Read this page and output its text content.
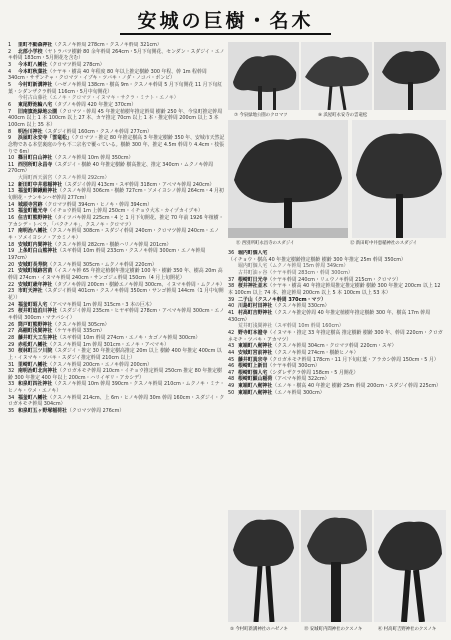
安城の巨樹・名木
1 里町不動森神社（クスノキ幹周 278cm・クスノキ幹周 321cm）
2 北部小学校（ヤトラバツ樹齢 80 余年幹周 264cm・5月下旬開花、センダン・スダジイ・エノキ幹周 183cm・5月開花を含む）
3 今本町八幡社（クロマツ幹周 278cm）
4 今本町秋葉社（ケヤキ・樹高 40 年程度 80 年以上推定樹齢 300 年程、幹 1m 程幹周 340cm・サザンチャ・クロマツ・イブキ・ツバキ・ノダ・ノコバ・ボンビ）
5 今村町新溝神社（ハゼノキ幹周 138cm・樹高 9m・クスノキ幹周 5 月下旬開花 11 月下旬紅葉・シダンザクラ幹周 116cm・5月中旬開花）
今村古山藤社（エノキ・クロマツ・イヌマキ・サクラ・ミナト・エノキ）
6 東尾野池輪八宅（タブノキ幹周 420 年推定 370cm）
7 旧南旗池緑地公園（クロマツ・幹周 45 年推定植樹年推定幹周 樹齢 250 年、今泉町推定幹周 400cm 以上 1 本 100cm 以上 27 本、カヤ推定 70cm 以上 1 本・推定幹周 200cm 以上 3 本 100cm 以上 35 本）
8 明治川神社（スダジイ幹周 160cm・クスノキ幹周 277cm）
9 浜屋町永安寺「雲竜松」（クロマツ・推定 80 年推定樹高 3 年推定樹齢 350 年、安城市天然記念物である本堂裏庭の今も不二宗名で覆っている。樹齢 300 年、推定 4.5m 幹周り 4.4cm・枝張りで 6m）
10 篠目町白山神社（クスノキ幹周 10m 幹周 350cm）
11 西別所町永昌寺（スダジイ・樹齢 40 年推定樹齢 樹高推定、推定 340cm・ムクノキ幹周 270cm）
大岡町西天満宮（クスノキ幹周 292cm）
12 新田町中井恵稲神社（スダジイ幹周 413cm・スギ幹周 318cm・アベマキ幹周 240cm）
13 福釜町御鍬殿神社（クスノキ幹周 306cm・樹齢 727cm・ソメイヨシノ幹周 264cm・4 月初旬開花・ナンキンハゼ幹周 277cm）
14 城頭寺宮跡（クロマツ幹周 394cm・ヒノキ・幹周 394cm）
15 福釜町龍光寺（イチョウ幹周 1m 上幹周 250cm・イチョウ大木・カイヅカイブキ）
16 住吉町熊野神社（タイツバキ幹周 225cm・4 と 1 月下旬開花、推定 70 年前 1926 年植樹・アカシデ・トベラ、「バクチノキ」、クスノキ・クロマツ）
17 南明治八幡社（クスノキ幹周 308cm・スダジイ幹周 240cm・クロマツ幹周 240cm・エノキ・ソメイヨシノ・アカミノキ）
18 安城町内間神社（クスノキ幹周 282cm・樹齢ハリノキ幹周 201cm）
19 上条町白山熊神社（スギ幹周 10m 幹周 233cm・クスノキ幹周 300cm・エノキ幹周 197cm）
20 安城町長寿院（クスノキ幹周 305cm・ムクノキ幹周 220cm）
21 安城町城跡宮苗（イスノキ幹 65 年推定植樹年推定樹齢 100 年・樹齢 350 年、樹高 20m 高幹周 274cm・イヌマキ幹周 240cm・サンゴジュ幹周 150cm（4 月上旬開花）
22 安城町歳年神社（タブノキ幹周 200cm・樹齢エノキ幹周 300cm、イヌマキ幹周・ムクノキ）
23 市町天神社（スダジイ幹周 401cm・クスノキ幹周 350cm・サンゴ幹周 144cm（1 月中旬開花））
24 福釜町昭人宅（アベマキ幹周 1m 幹周 315cm・3 本の巨木）
25 桜井町追泊川神社（スダジイ幹周 235cm・ヒヤギ幹周 278cm・アベマキ幹周 300cm・エノキ幹周 300cm・マテバシイ）
26 筒戸町熊野神社（クスノキ幹周 305cm）
27 高棚町浅間神社（ケヤキ幹周 335cm）
28 藤井町大工生神社（スギ幹周 10m 幹周 274cm・エノキ・カゴノキ幹周 300cm）
29 赤松町八幡社（クスノキ幹周 1m 幹周 301cm・エノキ・アベマキ）
30 桜林町三ツ川院（スダジイ・推定 30 年推定樹高推定 20m 以上 樹齢 400 年推定 400cm 以上・イヌマキ・ツバキ・スダジイ推定幹周 210cm 以上）
31 里崎町八幡社（クスノキ幹周 200cm・エノキ幹周 200cm）
32 南明治町北向神社（クロガネモチ幹周 210cm・イチョウ推定幹周 250cm 推定 80 年推定樹齢 300 年推定 400 年以上 200cm・ハリイギリ・アカシデ）
33 和泉町四社神社（クスノキ幹周 10m 幹周 390cm・クスノキ幹周 210cm・ムクノキ・ミナ・ヒノキ・ウメ・エノキ）
34 福釜町八幡社（クスノキ幹周 214cm、上 6m・ヒノキ幹周 30m 幹周 160cm・スダジイ・クロガネモチ幹周 304cm）
35 和泉町五ヶ野塚稲荷社（クロマツ幹周 276cm）
36 堀内町個人宅（イチョウ・樹高 40 年推定樹齢推定樹齢 樹齢 300 年推定 25m 幹周 350cm）
堀内町個人宅（ムクノキ幹周 15m 幹周 349cm）
古井町油ヶ谷（ケヤキ幹周 283cm・幹周 300cm）
37 根崎町日光寺（ケヤキ幹周 240cm・リュウノキ幹周 215cm・クロマツ）
38 桜井神社並木（ケヤキ・樹高 40 年推定幹周推定推定樹齢 樹齢 300 年推定 200cm 以上 12 本 100cm 以上 74 本、推定幹周 200cm 以上 5 本 100cm 以上 53 本）
39 二子山（クスノキ幹周 370cm・マツ）
40 川島町村田神社（クスノキ幹周 330cm）
41 村高町吉野神社（クスノキ推定幹周 40 年推定植樹年推定樹齢 300 年、樹高 17m 幹周 430cm）
荒井町浅間神社（スギ幹周 10m 幹周 160cm）
42 野寺町本證寺（イヌマキ・推定 33 年推定樹高 推定樹齢 樹齢 300 年、幹周 220cm・クロガネモチ・ツバキ・アカマツ）
43 東端町八剱神社（クスノキ幹周 304cm・クロマツ幹周 220cm・スギ）
44 安城町宮前神社（クスノキ幹周 274cm・樹齢ヒノキ）
45 藤井町真宗寺（クロガネモチ幹周 178cm・11 月下旬紅葉・アラカシ幹周 150cm・5 月）
46 根崎町上新田（ケヤキ幹周 300cm）
47 根崎町個人宅（シダレザクラ幹周 158cm・5 月開花）
48 根崎町顕山稲荷（アベマキ幹周 322cm）
49 東端町八剱神社（エノキ・樹高 40 年推定 樹齢 25m 幹周 200cm・スダジイ幹周 225cm）
50 東端町八剱神社（エノキ幹周 300cm）
⑦ 今泉緑地公園のクロマツ	⑨ 浜屋町永安寺の雲竜松
⑪ 西別所町永昌寺のスダジイ	⑫ 新田町中井恵稲神社のスダジイ
⑤ 今村町新溝神社のハゼノキ	⑱ 安城町内間神社のクスノキ	㊶ 村高町吉野神社のクスノキ
